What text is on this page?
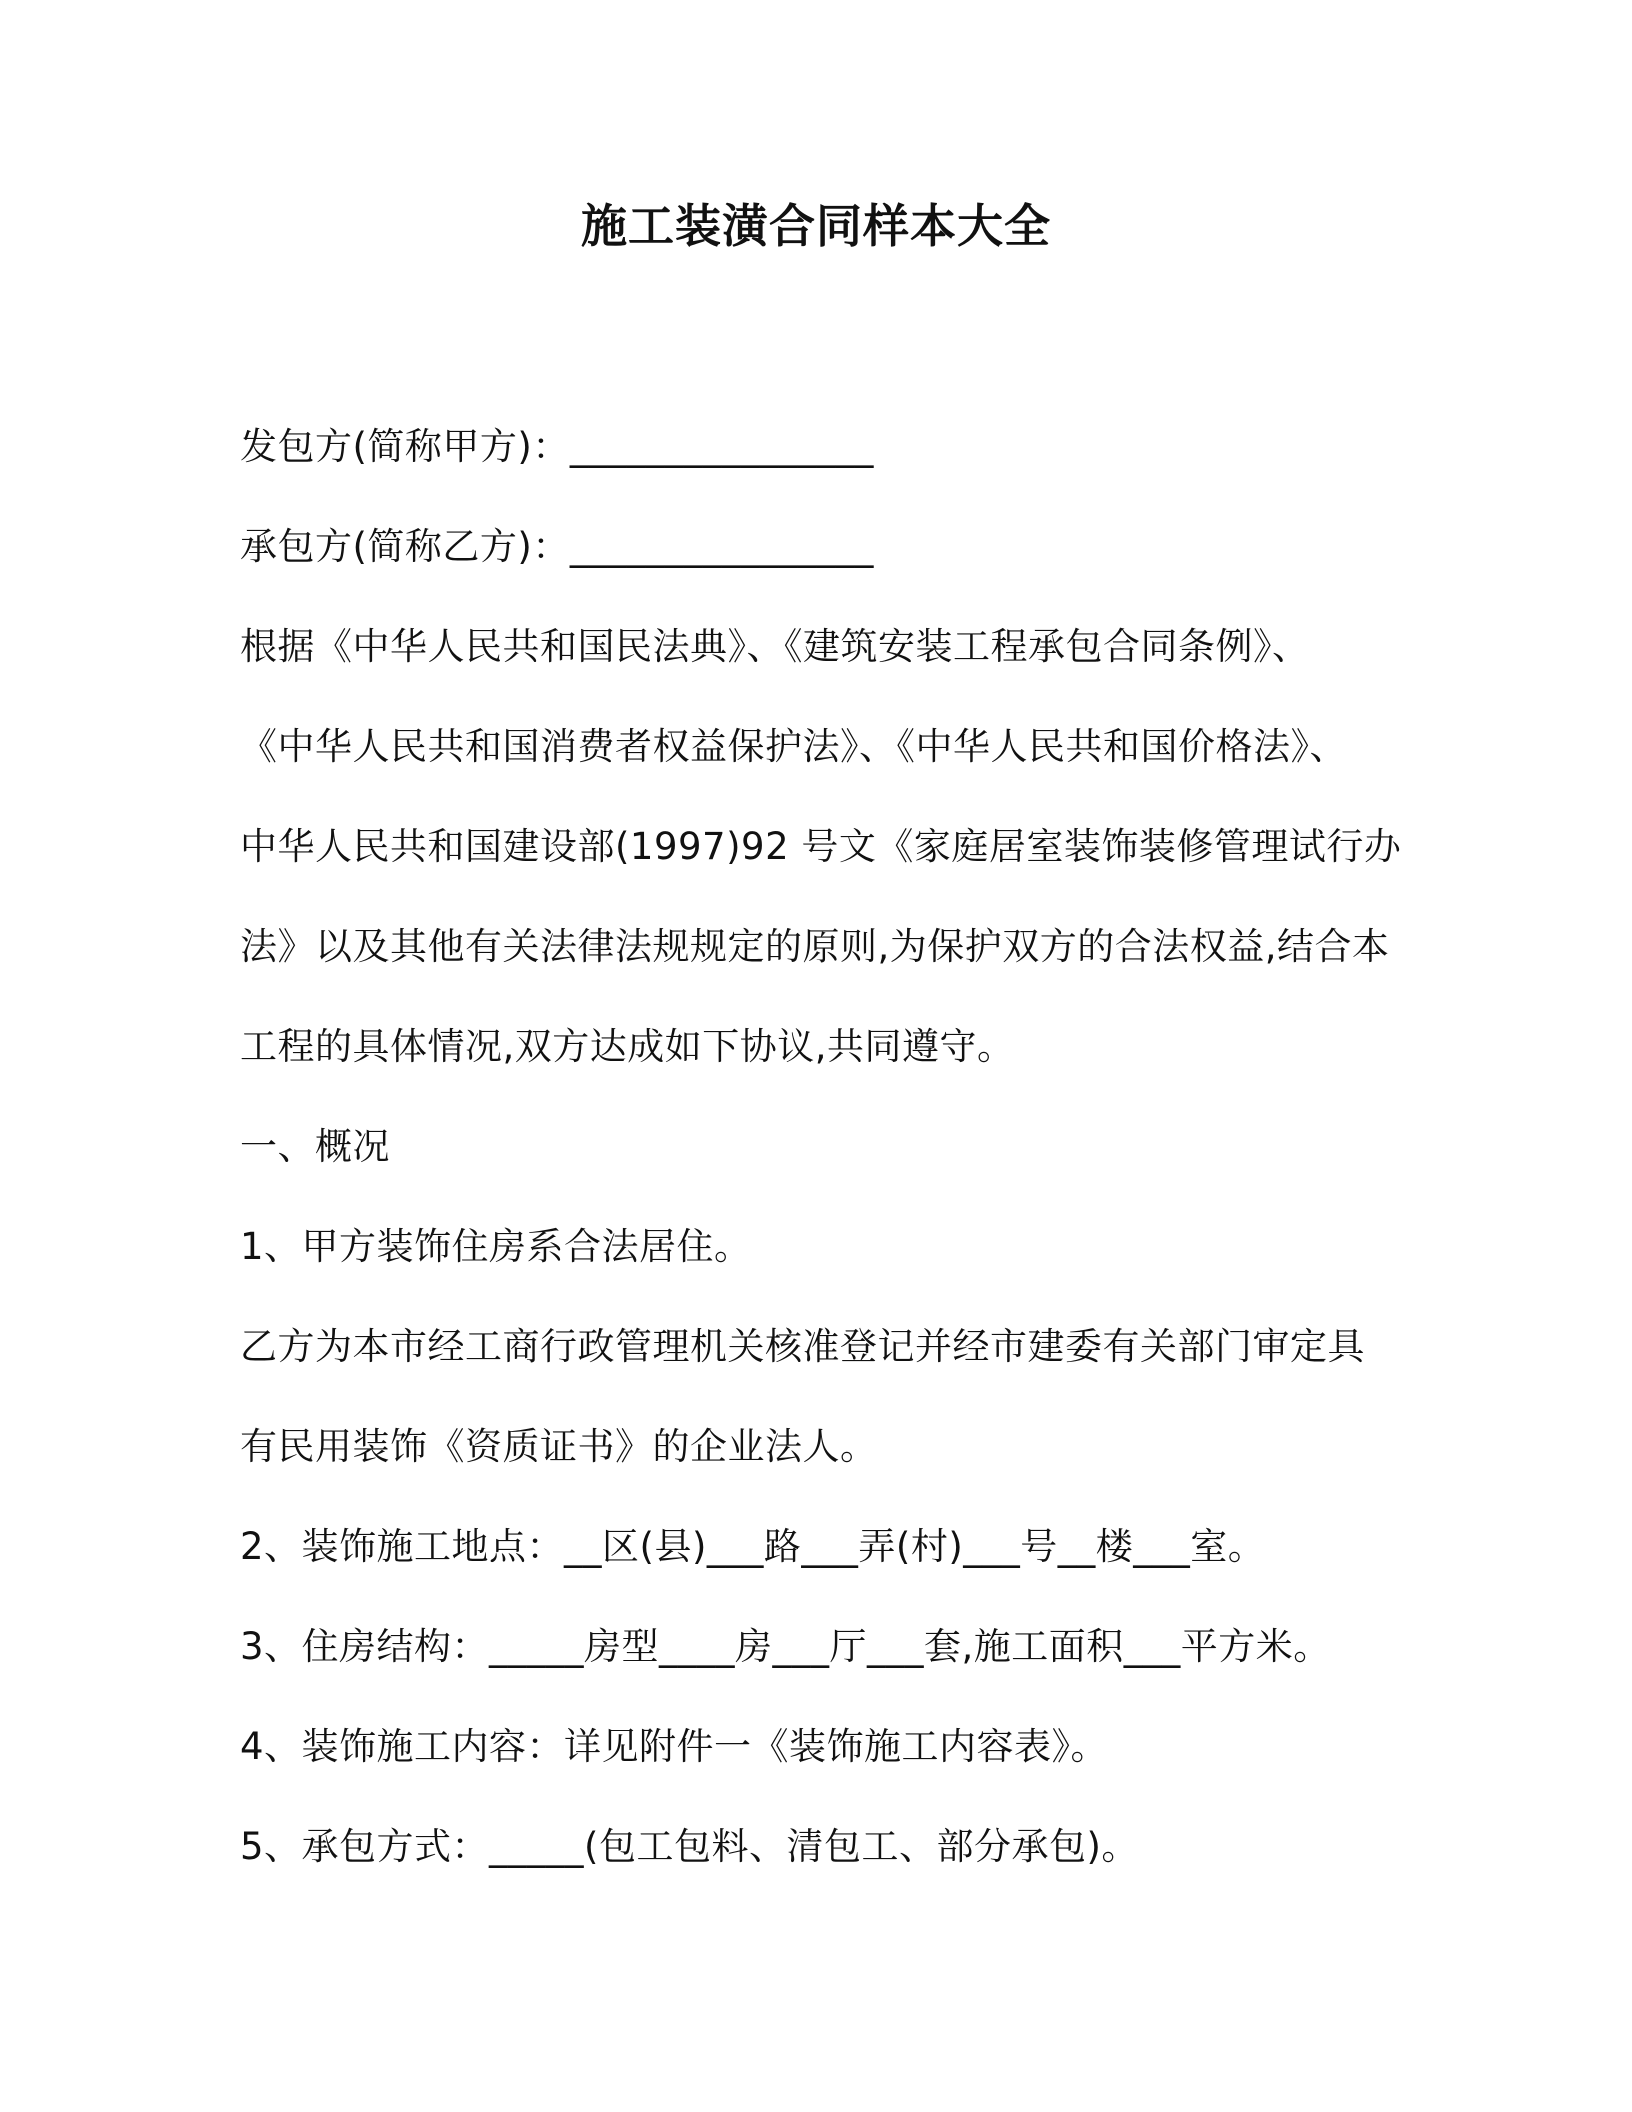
施工装潢合同样本大全
发包方(简称甲方)：________________
承包方(简称乙方)：________________
根据《中华人民共和国民法典》、《建筑安装工程承包合同条例》、
《中华人民共和国消费者权益保护法》、《中华人民共和国价格法》、
中华人民共和国建设部(1997)92 号文《家庭居室装饰装修管理试行办
法》以及其他有关法律法规规定的原则,为保护双方的合法权益,结合本
工程的具体情况,双方达成如下协议,共同遵守。
一、概况
1、甲方装饰住房系合法居住。
乙方为本市经工商行政管理机关核准登记并经市建委有关部门审定具
有民用装饰《资质证书》的企业法人。
2、装饰施工地点：__区(县)___路___弄(村)___号__楼___室。
3、住房结构：_____房型____房___厅___套,施工面积___平方米。
4、装饰施工内容：详见附件一《装饰施工内容表》。
5、承包方式：_____(包工包料、清包工、部分承包)。
